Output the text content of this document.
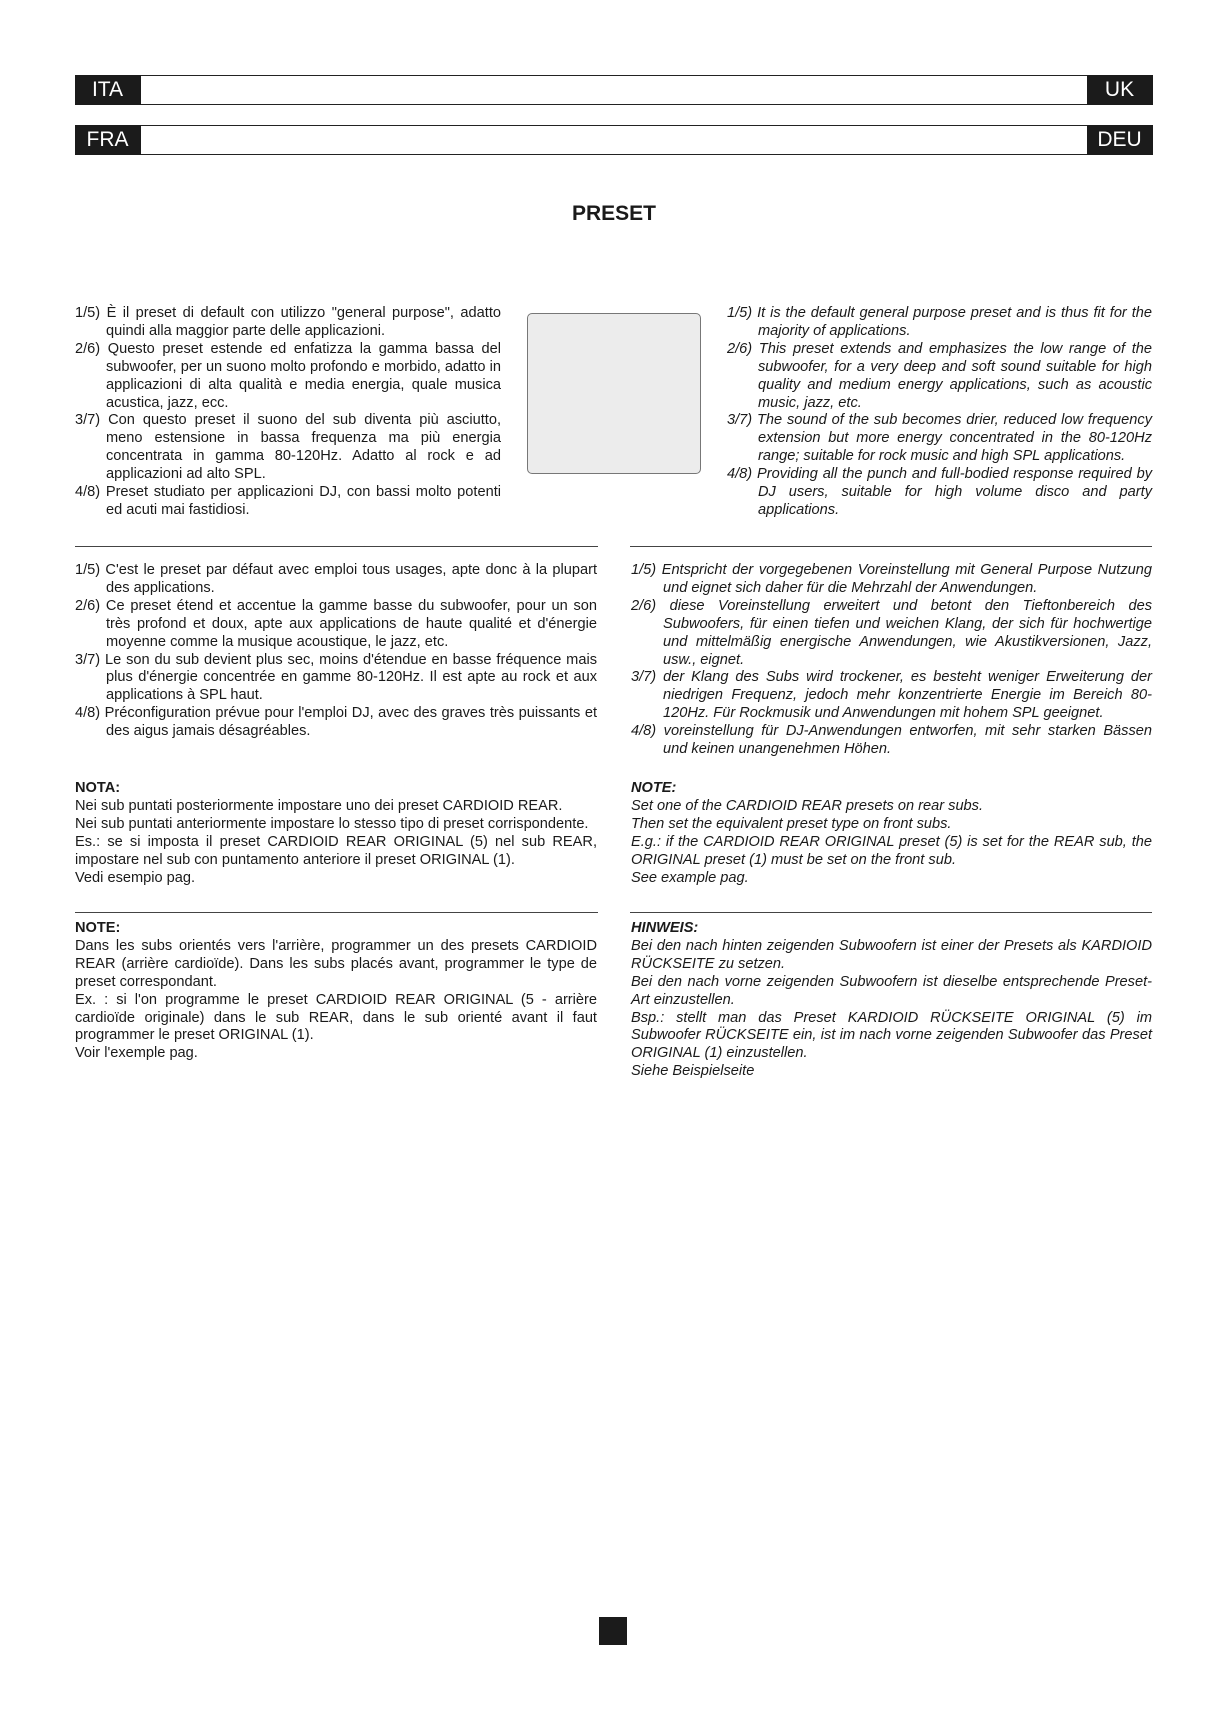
ITA	UK
FRA	DEU
PRESET

1/5) È il preset di default con utilizzo "general purpose", adatto quindi alla maggior parte delle applicazioni.

2/6) Questo preset estende ed enfatizza la gamma bassa del subwoofer, per un suono molto profondo e morbido, adatto in applicazioni di alta qualità e media energia, quale musica acustica, jazz, ecc.

3/7) Con questo preset il suono del sub diventa più asciutto, meno estensione in bassa frequenza ma più energia concentrata in gamma 80-120Hz. Adatto al rock e ad applicazioni ad alto SPL.

4/8) Preset studiato per applicazioni DJ, con bassi molto potenti ed acuti mai fastidiosi.

1/5) It is the default general purpose preset and is thus fit for the majority of applications.

2/6) This preset extends and emphasizes the low range of the subwoofer, for a very deep and soft sound suitable for high quality and medium energy applications, such as acoustic music, jazz, etc.

3/7) The sound of the sub becomes drier, reduced low frequency extension but more energy concentrated in the 80-120Hz range; suitable for rock music and high SPL applications.

4/8) Providing all the punch and full-bodied response required by DJ users, suitable for high volume disco and party applications.

1/5) C'est le preset par défaut avec emploi tous usages, apte donc à la plupart des applications.

2/6) Ce preset étend et accentue la gamme basse du subwoofer, pour un son très profond et doux, apte aux applications de haute qualité et d'énergie moyenne comme la musique acoustique, le jazz, etc.

3/7) Le son du sub devient plus sec, moins d'étendue en basse fréquence mais plus d'énergie concentrée en gamme 80-120Hz. Il est apte au rock et aux applications à SPL haut.

4/8) Préconfiguration prévue pour l'emploi DJ, avec des graves très puissants et des aigus jamais désagréables.

1/5) Entspricht der vorgegebenen Voreinstellung mit General Purpose Nutzung und eignet sich daher für die Mehrzahl der Anwendungen.

2/6) diese Voreinstellung erweitert und betont den Tieftonbereich des Subwoofers, für einen tiefen und weichen Klang, der sich für hochwertige und mittelmäßig energische Anwendungen, wie Akustikversionen, Jazz, usw., eignet.

3/7) der Klang des Subs wird trockener, es besteht weniger Erweiterung der niedrigen Frequenz, jedoch mehr konzentrierte Energie im Bereich 80-120Hz. Für Rockmusik und Anwendungen mit hohem SPL geeignet.

4/8) voreinstellung für DJ-Anwendungen entworfen, mit sehr starken Bässen und keinen unangenehmen Höhen.

NOTA:

Nei sub puntati posteriormente impostare uno dei preset CARDIOID REAR.

Nei sub puntati anteriormente impostare lo stesso tipo di preset corrispondente.

Es.: se si imposta il preset CARDIOID REAR ORIGINAL (5) nel sub REAR, impostare nel sub con puntamento anteriore il preset ORIGINAL (1).

Vedi esempio pag.

NOTE:

Set one of the CARDIOID REAR presets on rear subs.

Then set the equivalent preset type on front subs.

E.g.: if the CARDIOID REAR ORIGINAL preset (5) is set for the REAR sub, the ORIGINAL preset (1) must be set on the front sub.

See example pag.

NOTE:

Dans les subs orientés vers l'arrière, programmer un des presets CARDIOID REAR (arrière cardioïde). Dans les subs placés avant, programmer le type de preset correspondant.

Ex. : si l'on programme le preset CARDIOID REAR ORIGINAL (5 - arrière cardioïde originale) dans le sub REAR, dans le sub orienté avant il faut programmer le preset ORIGINAL (1).

Voir l'exemple pag.

HINWEIS:

Bei den nach hinten zeigenden Subwoofern ist einer der Presets als KARDIOID RÜCKSEITE zu setzen.

Bei den nach vorne zeigenden Subwoofern ist dieselbe entsprechende Preset-Art einzustellen.

Bsp.: stellt man das Preset KARDIOID RÜCKSEITE ORIGINAL (5) im Subwoofer RÜCKSEITE ein, ist im nach vorne zeigenden Subwoofer das Preset ORIGINAL (1) einzustellen.

Siehe Beispielseite
